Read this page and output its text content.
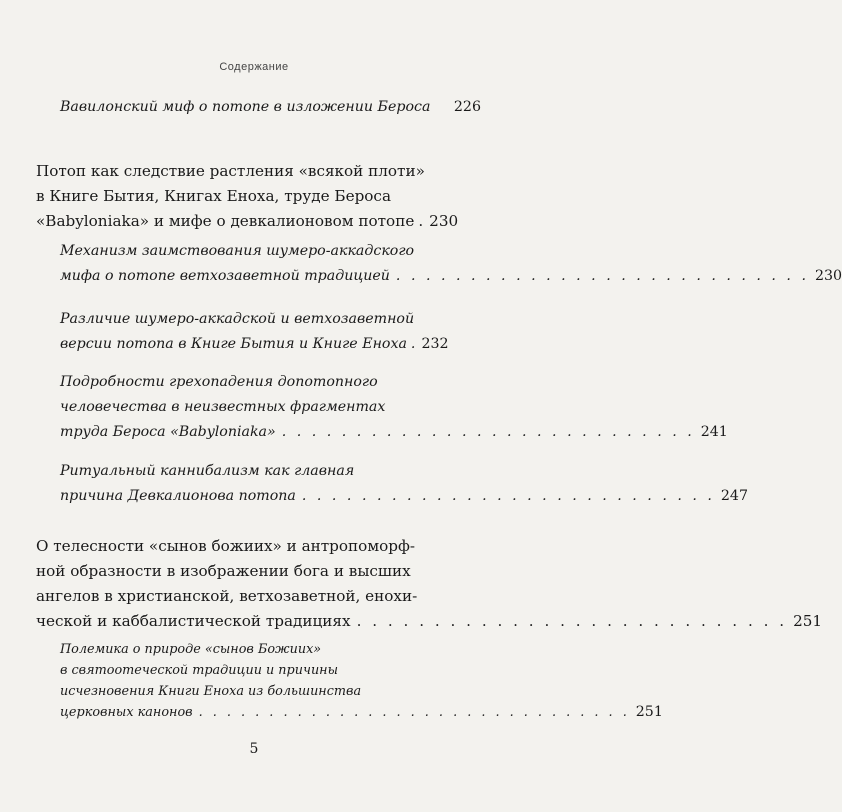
Содержание
Вавилонский миф о потопе в изложении Бероса 226
Потоп как следствие растления «всякой плоти»
в Книге Бытия, Книгах Еноха, труде Бероса
«Babyloniaka» и мифе о девкалионовом потопе . 230
Механизм заимствования шумеро-аккадского
мифа о потопе ветхозаветной традицией . . . . . . . . . . . . . . . . . . . . . . . . . . . . 230
Различие шумеро-аккадской и ветхозаветной
версии потопа в Книге Бытия и Книге Еноха . 232
Подробности грехопадения допотопного
человечества в неизвестных фрагментах
труда Бероса «Babyloniaka» . . . . . . . . . . . . . . . . . . . . . . . . . . . . 241
Ритуальный каннибализм как главная
причина Девкалионова потопа . . . . . . . . . . . . . . . . . . . . . . . . . . . . 247
О телесности «сынов божиих» и антропоморф-
ной образности в изображении бога и высших
ангелов в христианской, ветхозаветной, енохи-
ческой и каббалистической традициях . . . . . . . . . . . . . . . . . . . . . . . . . . . . 251
Полемика о природе «сынов Божиих»
в святоотеческой традиции и причины
исчезновения Книги Еноха из большинства
церковных канонов . . . . . . . . . . . . . . . . . . . . . . . . . . . . . . . 251
5
